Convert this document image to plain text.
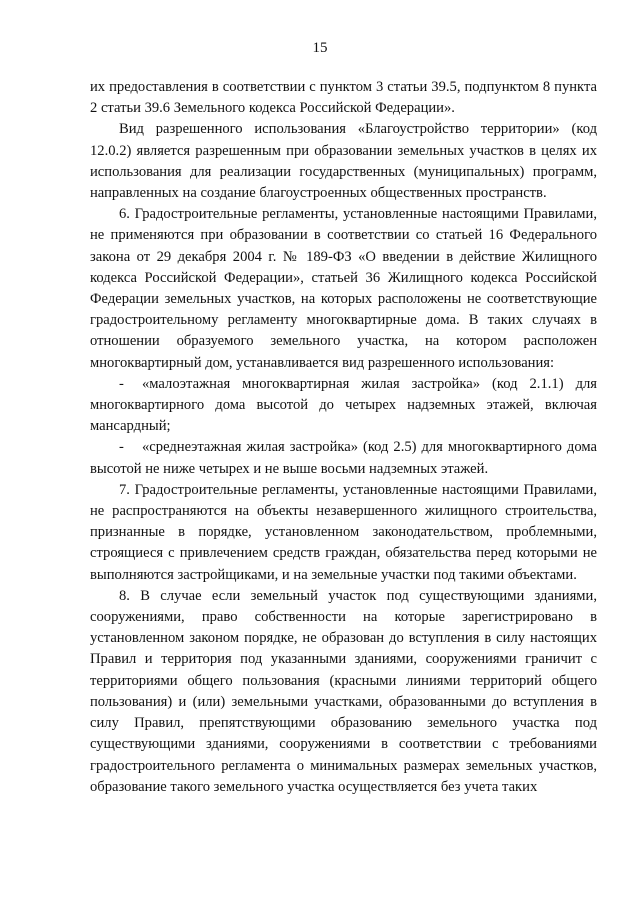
15

их предоставления в соответствии с пунктом 3 статьи 39.5, подпунктом 8 пункта 2 статьи 39.6 Земельного кодекса Российской Федерации».

Вид разрешенного использования «Благоустройство территории» (код 12.0.2) является разрешенным при образовании земельных участков в целях их использования для реализации государственных (муниципальных) программ, направленных на создание благоустроенных общественных пространств.

6. Градостроительные регламенты, установленные настоящими Правилами, не применяются при образовании в соответствии со статьей 16 Федерального закона от 29 декабря 2004 г. № 189-ФЗ «О введении в действие Жилищного кодекса Российской Федерации», статьей 36 Жилищного кодекса Российской Федерации земельных участков, на которых расположены не соответствующие градостроительному регламенту многоквартирные дома. В таких случаях в отношении образуемого земельного участка, на котором расположен многоквартирный дом, устанавливается вид разрешенного использования:

- «малоэтажная многоквартирная жилая застройка» (код 2.1.1) для многоквартирного дома высотой до четырех надземных этажей, включая мансардный;

- «среднеэтажная жилая застройка» (код 2.5) для многоквартирного дома высотой не ниже четырех и не выше восьми надземных этажей.

7. Градостроительные регламенты, установленные настоящими Правилами, не распространяются на объекты незавершенного жилищного строительства, признанные в порядке, установленном законодательством, проблемными, строящиеся с привлечением средств граждан, обязательства перед которыми не выполняются застройщиками, и на земельные участки под такими объектами.

8. В случае если земельный участок под существующими зданиями, сооружениями, право собственности на которые зарегистрировано в установленном законом порядке, не образован до вступления в силу настоящих Правил и территория под указанными зданиями, сооружениями граничит с территориями общего пользования (красными линиями территорий общего пользования) и (или) земельными участками, образованными до вступления в силу Правил, препятствующими образованию земельного участка под существующими зданиями, сооружениями в соответствии с требованиями градостроительного регламента о минимальных размерах земельных участков, образование такого земельного участка осуществляется без учета таких
